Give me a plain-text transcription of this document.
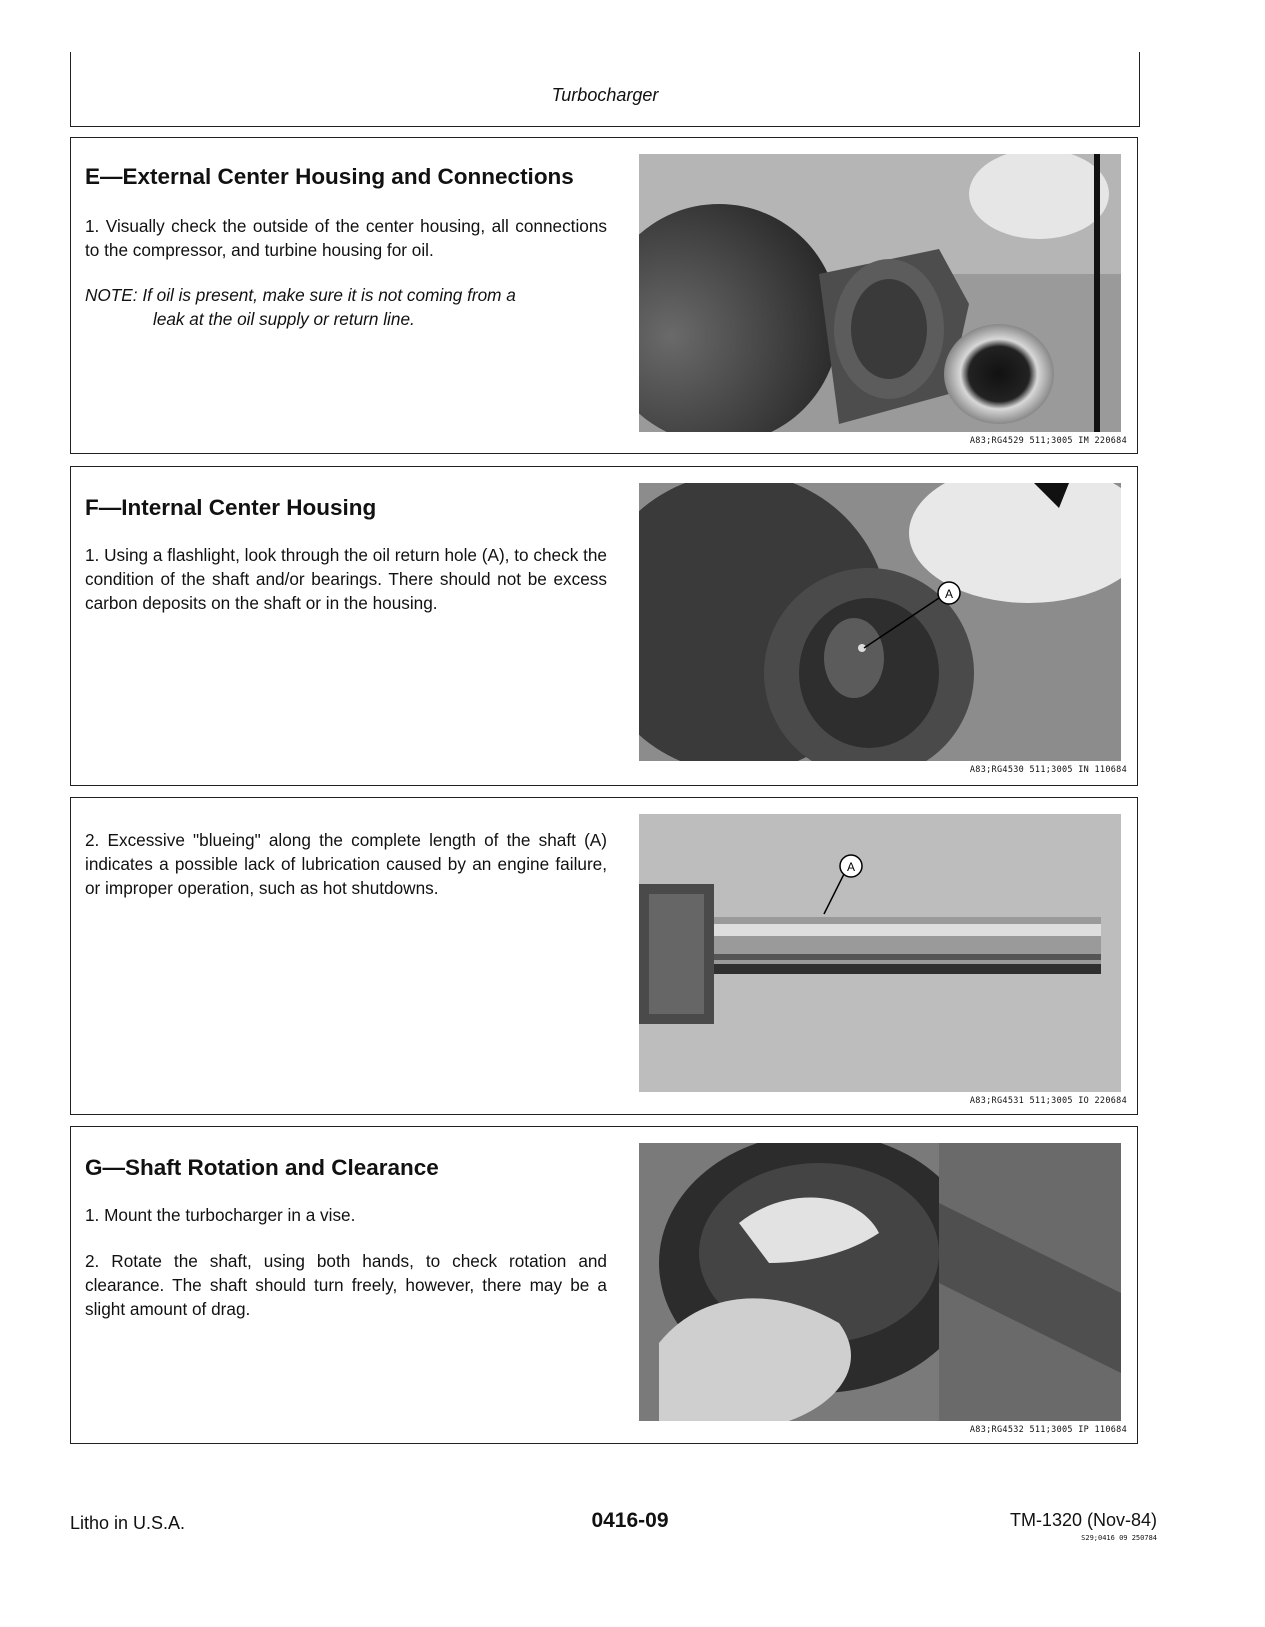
Turbocharger
E—External Center Housing and Connections
1. Visually check the outside of the center housing, all connections to the compressor, and turbine housing for oil.
NOTE: If oil is present, make sure it is not coming from a
leak at the oil supply or return line.
A83;RG4529 511;3005 IM 220684
F—Internal Center Housing
1. Using a flashlight, look through the oil return hole (A), to check the condition of the shaft and/or bearings. There should not be excess carbon deposits on the shaft or in the housing.	A
A83;RG4530 511;3005 IN 110684
2. Excessive "blueing" along the complete length of the shaft (A) indicates a possible lack of lubrication caused by an engine failure, or improper operation, such as hot shutdowns.
A
A83;RG4531 511;3005 IO 220684
G—Shaft Rotation and Clearance
1. Mount the turbocharger in a vise.
2. Rotate the shaft, using both hands, to check rotation and clearance. The shaft should turn freely, however, there may be a slight amount of drag.
A83;RG4532 511;3005 IP 110684
Litho in U.S.A.	0416-09	TM-1320 (Nov-84)
S29;0416 09 250784
